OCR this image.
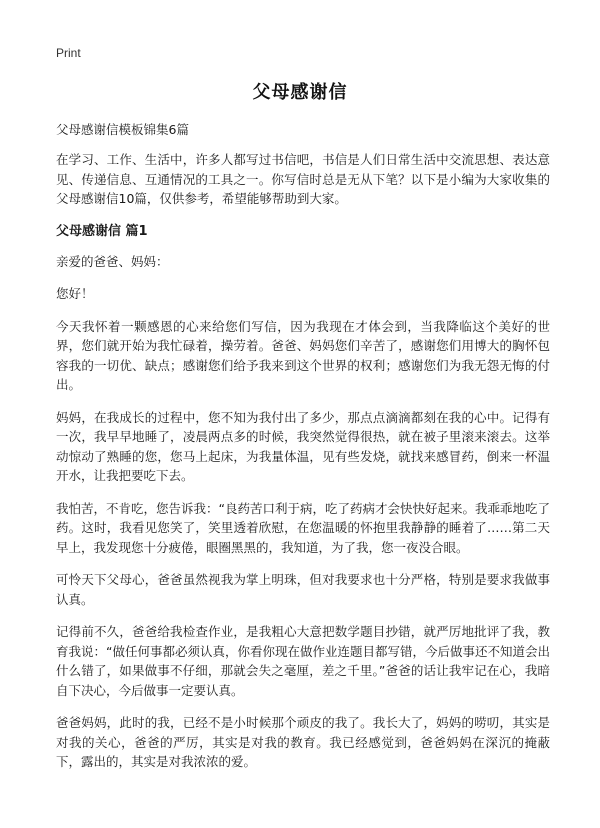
Print
父母感谢信

父母感谢信模板锦集6篇

在学习、工作、生活中，许多人都写过书信吧，书信是人们日常生活中交流思想、表达意见、传递信息、互通情况的工具之一。你写信时总是无从下笔？以下是小编为大家收集的父母感谢信10篇，仅供参考，希望能够帮助到大家。

父母感谢信 篇1

亲爱的爸爸、妈妈：

您好！

今天我怀着一颗感恩的心来给您们写信，因为我现在才体会到，当我降临这个美好的世界，您们就开始为我忙碌着，操劳着。爸爸、妈妈您们辛苦了，感谢您们用博大的胸怀包容我的一切优、缺点；感谢您们给予我来到这个世界的权利；感谢您们为我无怨无悔的付出。

妈妈，在我成长的过程中，您不知为我付出了多少，那点点滴滴都刻在我的心中。记得有一次，我早早地睡了，凌晨两点多的时候，我突然觉得很热，就在被子里滚来滚去。这举动惊动了熟睡的您，您马上起床，为我量体温，见有些发烧，就找来感冒药，倒来一杯温开水，让我把要吃下去。

我怕苦，不肯吃，您告诉我：“良药苦口利于病，吃了药病才会快快好起来。我乖乖地吃了药。这时，我看见您笑了，笑里透着欣慰，在您温暖的怀抱里我静静的睡着了……第二天早上，我发现您十分疲倦，眼圈黑黑的，我知道，为了我，您一夜没合眼。

可怜天下父母心，爸爸虽然视我为掌上明珠，但对我要求也十分严格，特别是要求我做事认真。

记得前不久，爸爸给我检查作业，是我粗心大意把数学题目抄错，就严厉地批评了我，教育我说：“做任何事都必须认真，你看你现在做作业连题目都写错，今后做事还不知道会出什么错了，如果做事不仔细，那就会失之毫厘，差之千里。”爸爸的话让我牢记在心，我暗自下决心，今后做事一定要认真。

爸爸妈妈，此时的我，已经不是小时候那个顽皮的我了。我长大了，妈妈的唠叨，其实是对我的关心，爸爸的严厉，其实是对我的教育。我已经感觉到，爸爸妈妈在深沉的掩蔽下，露出的，其实是对我浓浓的爱。
